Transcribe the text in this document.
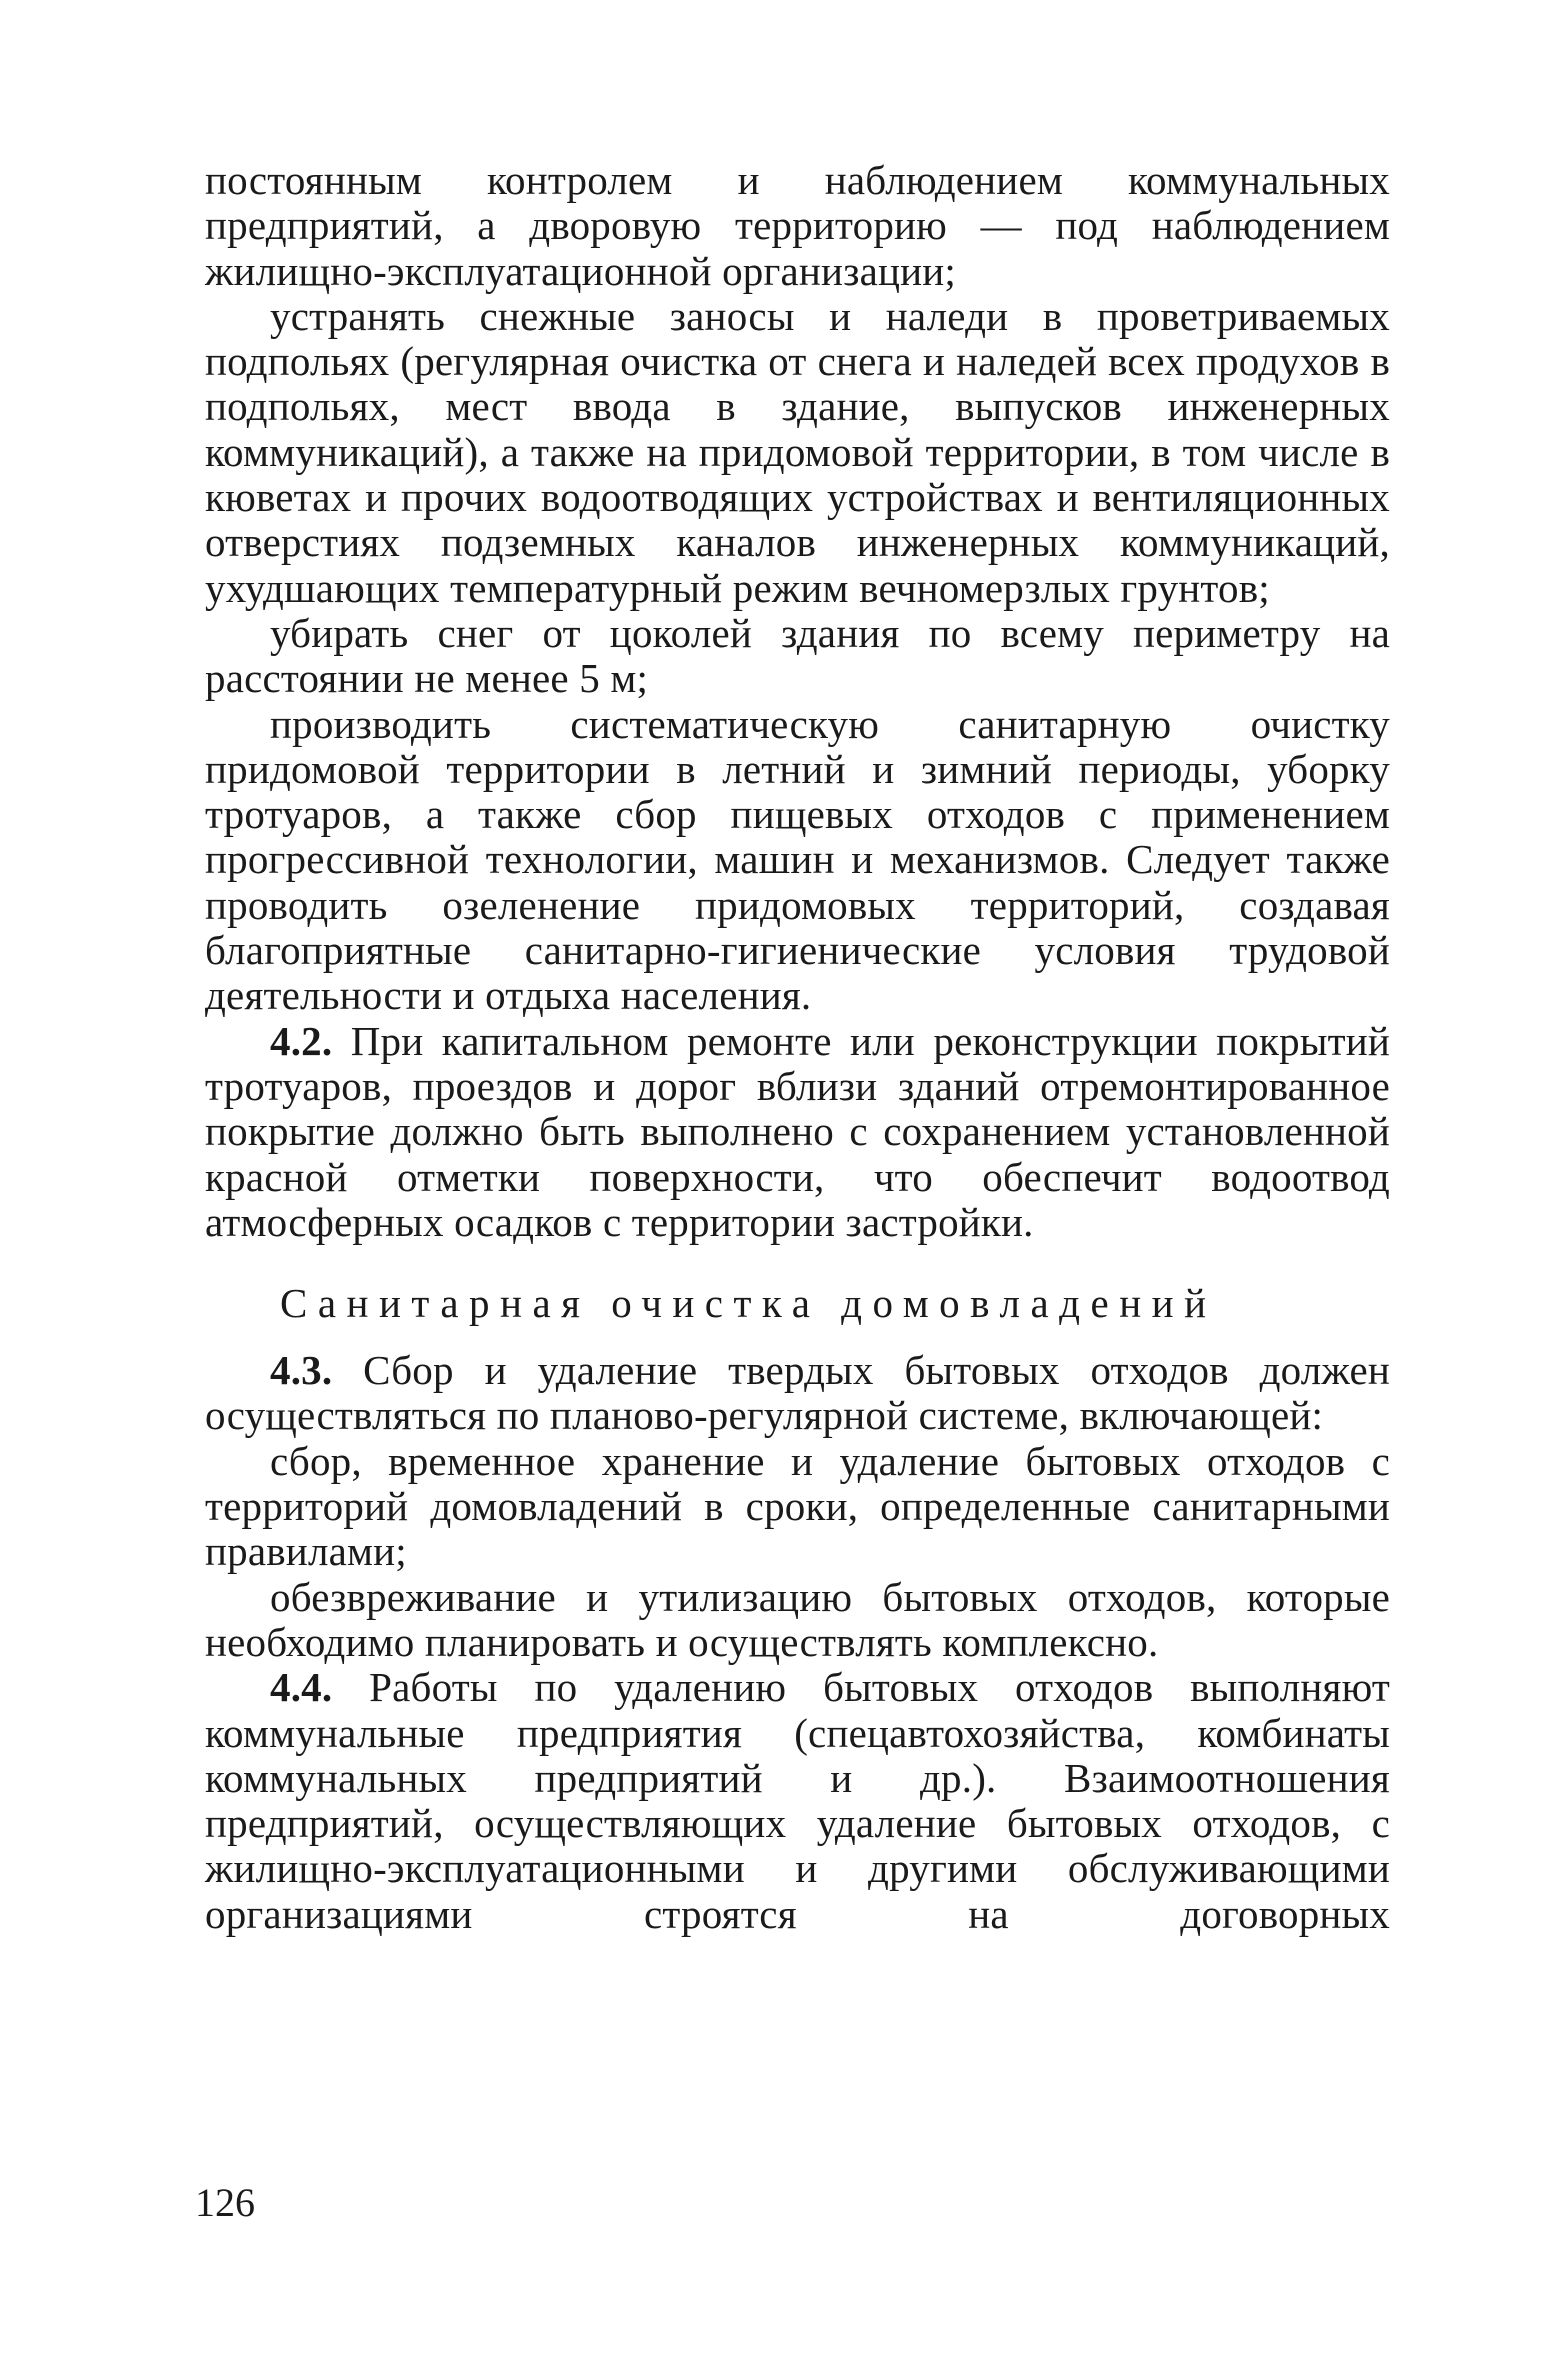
постоянным контролем и наблюдением коммунальных предприятий, а дворовую территорию — под наблюдением жилищно-эксплуатационной организации;

устранять снежные заносы и наледи в проветриваемых подпольях (регулярная очистка от снега и наледей всех продухов в подпольях, мест ввода в здание, выпусков инженерных коммуникаций), а также на придомовой территории, в том числе в кюветах и прочих водоотводящих устройствах и вентиляционных отверстиях подземных каналов инженерных коммуникаций, ухудшающих температурный режим вечномерзлых грунтов;

убирать снег от цоколей здания по всему периметру на расстоянии не менее 5 м;

производить систематическую санитарную очистку придомовой территории в летний и зимний периоды, уборку тротуаров, а также сбор пищевых отходов с применением прогрессивной технологии, машин и механизмов. Следует также проводить озеленение придомовых территорий, создавая благоприятные санитарно-гигиенические условия трудовой деятельности и отдыха населения.

4.2. При капитальном ремонте или реконструкции покрытий тротуаров, проездов и дорог вблизи зданий отремонтированное покрытие должно быть выполнено с сохранением установленной красной отметки поверхности, что обеспечит водоотвод атмосферных осадков с территории застройки.

Санитарная очистка домовладений

4.3. Сбор и удаление твердых бытовых отходов должен осуществляться по планово-регулярной системе, включающей:

сбор, временное хранение и удаление бытовых отходов с территорий домовладений в сроки, определенные санитарными правилами;

обезвреживание и утилизацию бытовых отходов, которые необходимо планировать и осуществлять комплексно.

4.4. Работы по удалению бытовых отходов выполняют коммунальные предприятия (спецавтохозяйства, комбинаты коммунальных предприятий и др.). Взаимоотношения предприятий, осуществляющих удаление бытовых отходов, с жилищно-эксплуатационными и другими обслуживающими организациями строятся на договорных

126
